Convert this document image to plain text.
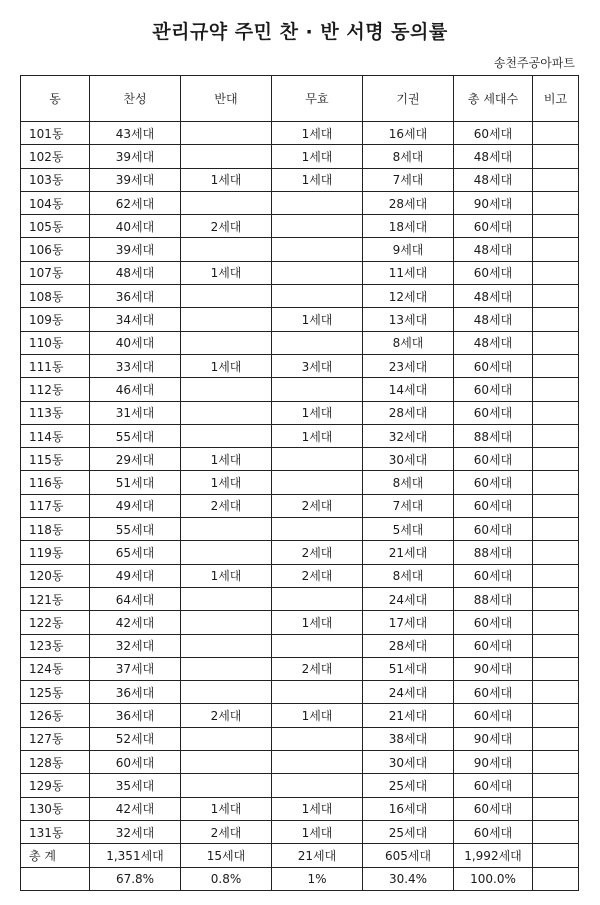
관리규약 주민 찬 · 반 서명 동의률
송천주공아파트
동	찬성	반대	무효	기권	총 세대수	비고
101동	43세대		1세대	16세대	60세대	
102동	39세대		1세대	8세대	48세대	
103동	39세대	1세대	1세대	7세대	48세대	
104동	62세대			28세대	90세대	
105동	40세대	2세대		18세대	60세대	
106동	39세대			9세대	48세대	
107동	48세대	1세대		11세대	60세대	
108동	36세대			12세대	48세대	
109동	34세대		1세대	13세대	48세대	
110동	40세대			8세대	48세대	
111동	33세대	1세대	3세대	23세대	60세대	
112동	46세대			14세대	60세대	
113동	31세대		1세대	28세대	60세대	
114동	55세대		1세대	32세대	88세대	
115동	29세대	1세대		30세대	60세대	
116동	51세대	1세대		8세대	60세대	
117동	49세대	2세대	2세대	7세대	60세대	
118동	55세대			5세대	60세대	
119동	65세대		2세대	21세대	88세대	
120동	49세대	1세대	2세대	8세대	60세대	
121동	64세대			24세대	88세대	
122동	42세대		1세대	17세대	60세대	
123동	32세대			28세대	60세대	
124동	37세대		2세대	51세대	90세대	
125동	36세대			24세대	60세대	
126동	36세대	2세대	1세대	21세대	60세대	
127동	52세대			38세대	90세대	
128동	60세대			30세대	90세대	
129동	35세대			25세대	60세대	
130동	42세대	1세대	1세대	16세대	60세대	
131동	32세대	2세대	1세대	25세대	60세대	
총 계	1,351세대	15세대	21세대	605세대	1,992세대	
	67.8%	0.8%	1%	30.4%	100.0%	
